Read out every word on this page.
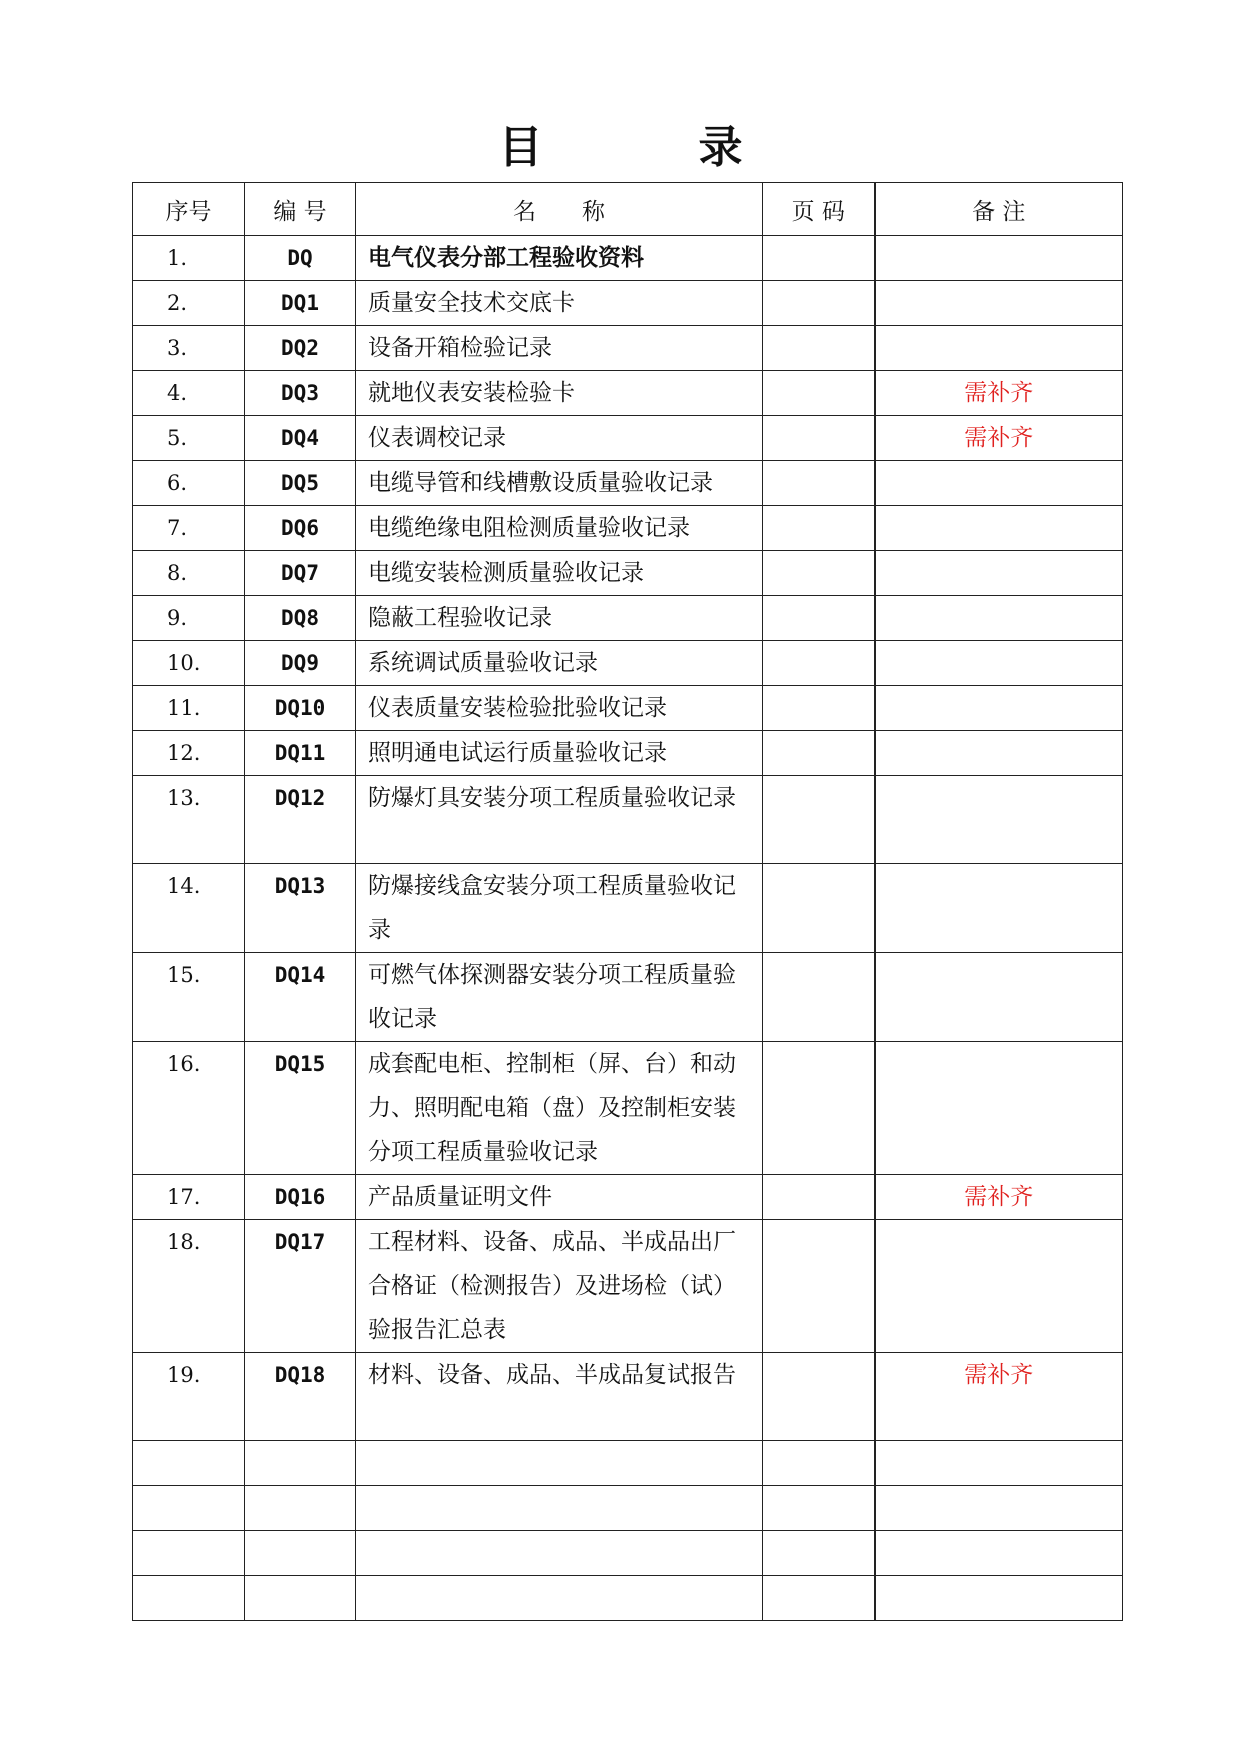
目　录
序号	编 号	名　　称	页 码	备 注
1.	DQ	电气仪表分部工程验收资料		
2.	DQ1	质量安全技术交底卡		
3.	DQ2	设备开箱检验记录		
4.	DQ3	就地仪表安装检验卡		需补齐
5.	DQ4	仪表调校记录		需补齐
6.	DQ5	电缆导管和线槽敷设质量验收记录		
7.	DQ6	电缆绝缘电阻检测质量验收记录		
8.	DQ7	电缆安装检测质量验收记录		
9.	DQ8	隐蔽工程验收记录		
10.	DQ9	系统调试质量验收记录		
11.	DQ10	仪表质量安装检验批验收记录		
12.	DQ11	照明通电试运行质量验收记录		
13.	DQ12	防爆灯具安装分项工程质量验收记录		
14.	DQ13	防爆接线盒安装分项工程质量验收记录		
15.	DQ14	可燃气体探测器安装分项工程质量验收记录		
16.	DQ15	成套配电柜、控制柜（屏、台）和动力、照明配电箱（盘）及控制柜安装分项工程质量验收记录		
17.	DQ16	产品质量证明文件		需补齐
18.	DQ17	工程材料、设备、成品、半成品出厂合格证（检测报告）及进场检（试）验报告汇总表		
19.	DQ18	材料、设备、成品、半成品复试报告		需补齐
